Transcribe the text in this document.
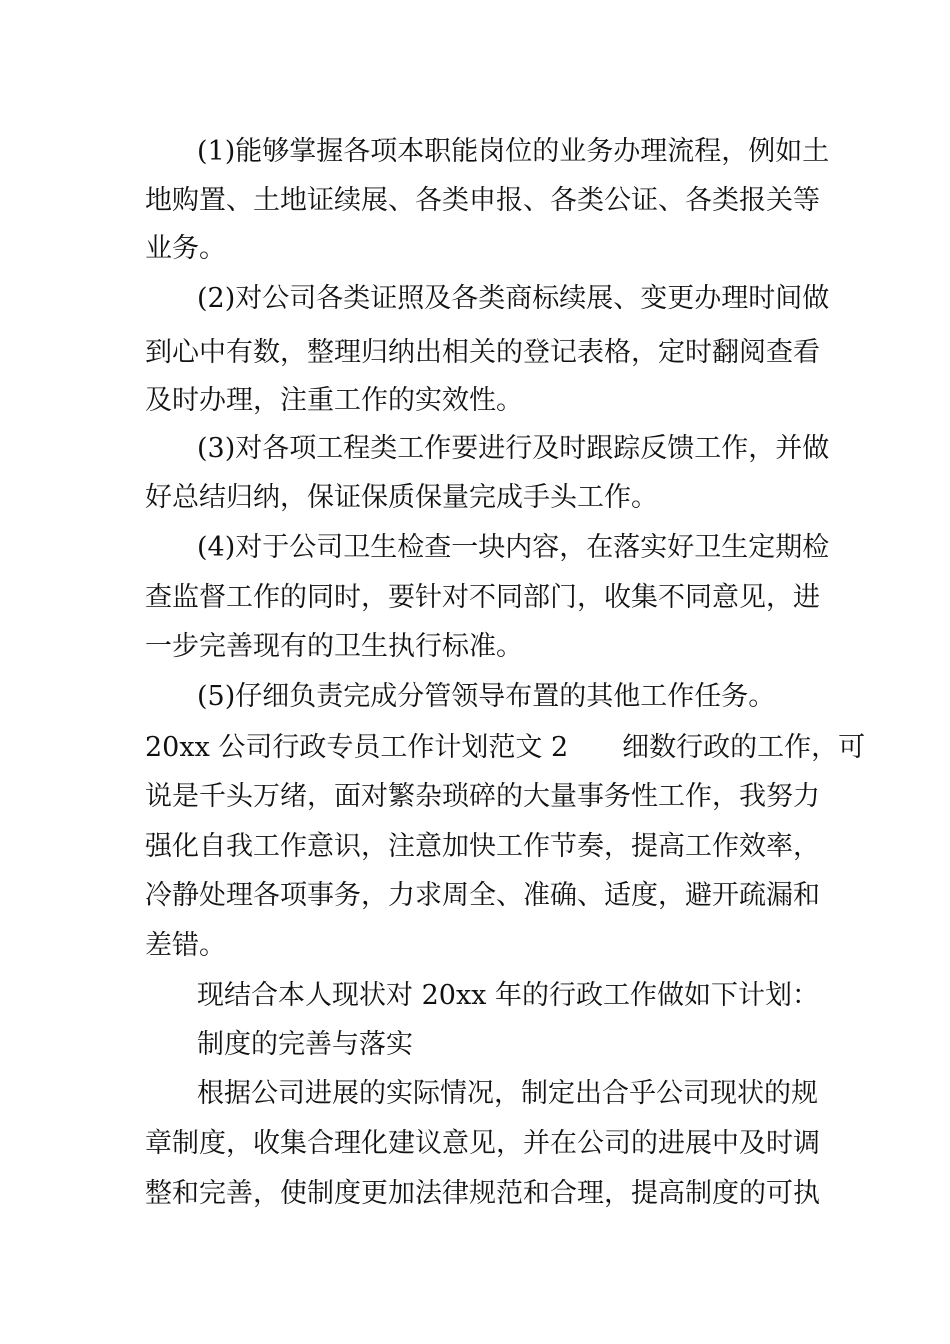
(1)能够掌握各项本职能岗位的业务办理流程，例如土
地购置、土地证续展、各类申报、各类公证、各类报关等
业务。
(2)对公司各类证照及各类商标续展、变更办理时间做
到心中有数，整理归纳出相关的登记表格，定时翻阅查看
及时办理，注重工作的实效性。
(3)对各项工程类工作要进行及时跟踪反馈工作，并做
好总结归纳，保证保质保量完成手头工作。
(4)对于公司卫生检查一块内容，在落实好卫生定期检
查监督工作的同时，要针对不同部门，收集不同意见，进
一步完善现有的卫生执行标准。
(5)仔细负责完成分管领导布置的其他工作任务。
20xx 公司行政专员工作计划范文 2　　细数行政的工作，可
说是千头万绪，面对繁杂琐碎的大量事务性工作，我努力
强化自我工作意识，注意加快工作节奏，提高工作效率，
冷静处理各项事务，力求周全、准确、适度，避开疏漏和
差错。
现结合本人现状对 20xx 年的行政工作做如下计划：
制度的完善与落实
根据公司进展的实际情况，制定出合乎公司现状的规
章制度，收集合理化建议意见，并在公司的进展中及时调
整和完善，使制度更加法律规范和合理，提高制度的可执
